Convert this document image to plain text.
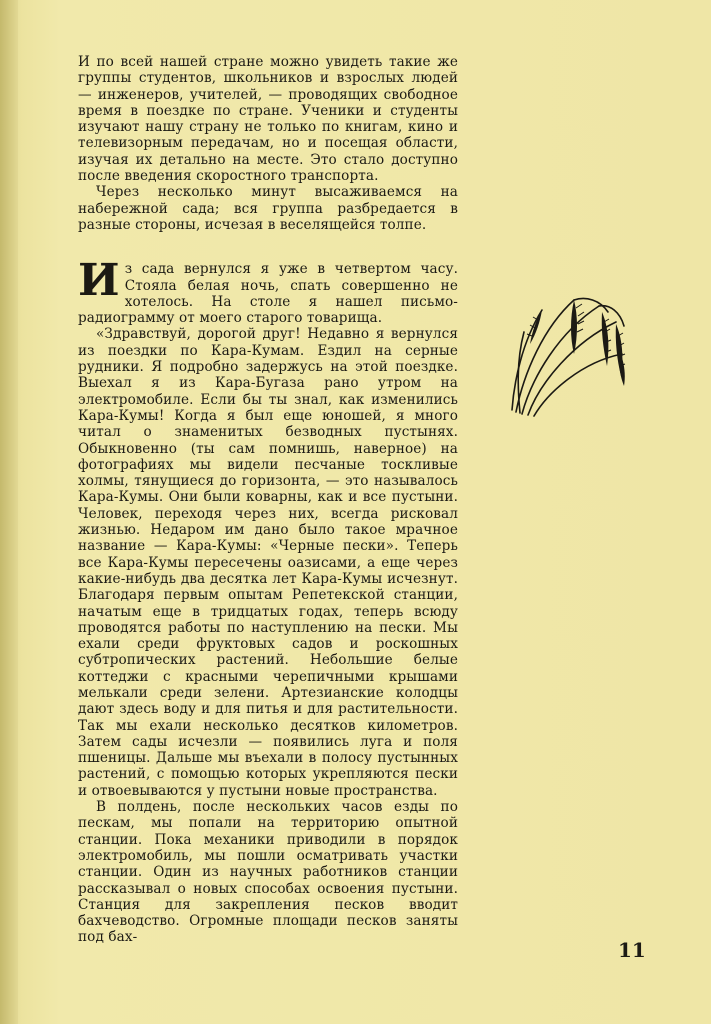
И по всей нашей стране можно увидеть такие же группы студентов, школьников и взрослых людей — инженеров, учителей, — проводящих свободное время в поездке по стране. Ученики и студенты изучают нашу страну не только по книгам, кино и телевизорным передачам, но и посещая области, изучая их детально на месте. Это стало доступно после введения скоростного транспорта.

Через несколько минут высаживаемся на набережной сада; вся группа разбредается в разные стороны, исчезая в веселящейся толпе.

Из сада вернулся я уже в четвертом часу. Стояла белая ночь, спать совершенно не хотелось. На столе я нашел письмо-радиограмму от моего старого товарища.

«Здравствуй, дорогой друг! Недавно я вернулся из поездки по Кара-Кумам. Ездил на серные рудники. Я подробно задержусь на этой поездке. Выехал я из Кара-Бугаза рано утром на электромобиле. Если бы ты знал, как изменились Кара-Кумы! Когда я был еще юношей, я много читал о знаменитых безводных пустынях. Обыкновенно (ты сам помнишь, наверное) на фотографиях мы видели песчаные тоскливые холмы, тянущиеся до горизонта, — это называлось Кара-Кумы. Они были коварны, как и все пустыни. Человек, переходя через них, всегда рисковал жизнью. Недаром им дано было такое мрачное название — Кара-Кумы: «Черные пески». Теперь все Кара-Кумы пересечены оазисами, а еще через какие-нибудь два десятка лет Кара-Кумы исчезнут. Благодаря первым опытам Репетекской станции, начатым еще в тридцатых годах, теперь всюду проводятся работы по наступлению на пески. Мы ехали среди фруктовых садов и роскошных субтропических растений. Небольшие белые коттеджи с красными черепичными крышами мелькали среди зелени. Артезианские колодцы дают здесь воду и для питья и для растительности. Так мы ехали несколько десятков километров. Затем сады исчезли — появились луга и поля пшеницы. Дальше мы въехали в полосу пустынных растений, с помощью которых укрепляются пески и отвоевываются у пустыни новые пространства.

В полдень, после нескольких часов езды по пескам, мы попали на территорию опытной станции. Пока механики приводили в порядок электромобиль, мы пошли осматривать участки станции. Один из научных работников станции рассказывал о новых способах освоения пустыни. Станция для закрепления песков вводит бахчеводство. Огромные площади песков заняты под бах-

11
